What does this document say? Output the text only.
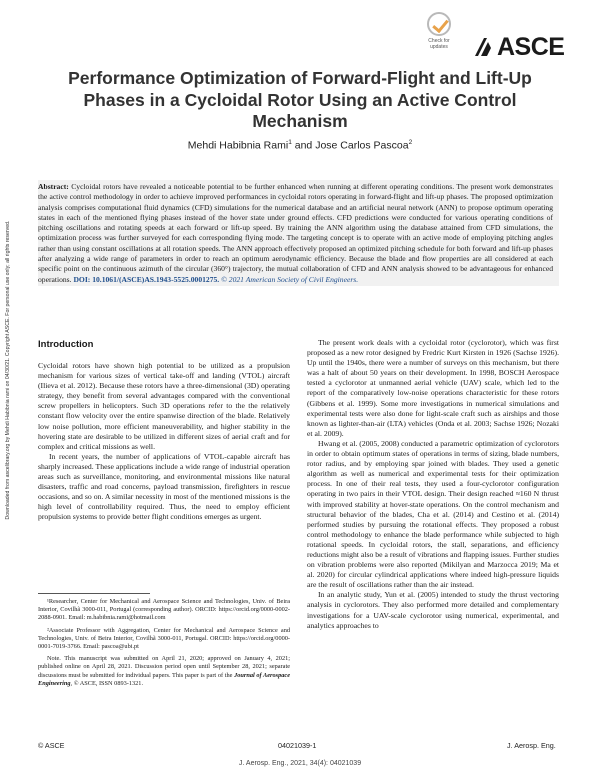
Downloaded from ascelibrary.org by Mehdi Habibnia rami on 04/30/21. Copyright ASCE. For personal use only; all rights reserved.
Check for
updates	ASCE
Performance Optimization of Forward-Flight and Lift-Up Phases in a Cycloidal Rotor Using an Active Control Mechanism
Mehdi Habibnia Rami$^1$ and Jose Carlos Pascoa$^2$

Abstract: Cycloidal rotors have revealed a noticeable potential to be further enhanced when running at different operating conditions. The present work demonstrates the active control methodology in order to achieve improved performances in cycloidal rotors operating in forward-flight and lift-up phases. The proposed optimization analysis comprises computational fluid dynamics (CFD) simulations for the numerical database and an artificial neural network (ANN) to propose optimum operating states in each of the mentioned flying phases instead of the hover state under ground effects. CFD predictions were conducted for various operating conditions of pitching oscillations and rotating speeds at each forward or lift-up speed. By training the ANN algorithm using the database attained from CFD simulations, the optimization process was further surveyed for each corresponding flying mode. The targeting concept is to operate with an active mode of employing pitching angles rather than using constant oscillations at all rotation speeds. The ANN approach effectively proposed an optimized pitching schedule for both forward and lift-up phases after analyzing a wide range of parameters in order to reach an optimum aerodynamic efficiency. Because the blade and flow properties are all considered at each specific point on the continuous azimuth of the circular (360°) trajectory, the mutual collaboration of CFD and ANN analysis showed to be advantageous for enhanced operations. DOI: 10.1061/(ASCE)AS.1943-5525.0001275. © 2021 American Society of Civil Engineers.

Introduction

Cycloidal rotors have shown high potential to be utilized as a propulsion mechanism for various sizes of vertical take-off and landing (VTOL) aircraft (Ilieva et al. 2012). Because these rotors have a three-dimensional (3D) operating strategy, they benefit from several advantages compared with the conventional screw propellers in helicopters. Such 3D operations refer to the the relatively constant flow velocity over the entire spanwise direction of the blade. Relatively low noise pollution, more efficient maneuverability, and higher stability in the hovering state are desirable to be utilized in different sizes of aerial craft and for complex and critical missions as well.

In recent years, the number of applications of VTOL-capable aircraft has sharply increased. These applications include a wide range of industrial operation areas such as surveillance, monitoring, and environmental missions like natural disasters, traffic and road concerns, payload transmission, firefighters in rescue occasions, and so on. A similar necessity in most of the mentioned missions is the high level of controllability required. Thus, the need to employ efficient propulsion systems to provide better flight conditions emerges as urgent.

¹Researcher, Center for Mechanical and Aerospace Science and Technologies, Univ. of Beira Interior, Covilhã 3000-011, Portugal (corresponding author). ORCID: https://orcid.org/0000-0002-2088-0901. Email: m.habibnia.rami@hotmail.com

²Associate Professor with Aggregation, Center for Mechanical and Aerospace Science and Technologies, Univ. of Beira Interior, Covilhã 3000-011, Portugal. ORCID: https://orcid.org/0000-0001-7019-3766. Email: pascoa@ubi.pt

Note. This manuscript was submitted on April 21, 2020; approved on January 4, 2021; published online on April 28, 2021. Discussion period open until September 28, 2021; separate discussions must be submitted for individual papers. This paper is part of the Journal of Aerospace Engineering, © ASCE, ISSN 0893-1321.

The present work deals with a cycloidal rotor (cyclorotor), which was first proposed as a new rotor designed by Fredric Kurt Kirsten in 1926 (Sachse 1926). Up until the 1940s, there were a number of surveys on this mechanism, but there was a halt of about 50 years on their development. In 1998, BOSCH Aerospace tested a cyclorotor at unmanned aerial vehicle (UAV) scale, which led to the report of the comparatively low-noise operations characteristic for these rotors (Gibbens et al. 1999). Some more investigations in numerical simulations and experimental tests were also done for light-scale craft such as airships and those known as lighter-than-air (LTA) vehicles (Onda et al. 2003; Sachse 1926; Nozaki et al. 2009).

Hwang et al. (2005, 2008) conducted a parametric optimization of cyclorotors in order to obtain optimum states of operations in terms of sizing, blade numbers, rotor radius, and by employing spar joined with blades. They used a genetic algorithm as well as numerical and experimental tests for their optimization process. In one of their real tests, they used a four-cyclorotor configuration operating in two pairs in their VTOL design. Their design reached ≈160 N thrust with improved stability at hover-state operations. On the control mechanism and structural behavior of the blades, Cha et al. (2014) and Cestino et al. (2014) performed studies by pursuing the rotational effects. They proposed a robust control methodology to enhance the blade performance while subjected to high rotational speeds. In cycloidal rotors, the stall, separations, and efficiency reductions might also be a result of vibrations and flapping issues. Further studies on vibration problems were also reported (Mikilyan and Marzocca 2019; Ma et al. 2020) for circular cylindrical applications where indeed high-pressure liquids are the result of oscillations rather than the air instead.

In an analytic study, Yun et al. (2005) intended to study the thrust vectoring analysis in cyclorotors. They also performed more detailed and complementary investigations for a UAV-scale cyclorotor using numerical, experimental, and analytics approaches to

© ASCE	04021039-1	J. Aerosp. Eng.
J. Aerosp. Eng., 2021, 34(4): 04021039
